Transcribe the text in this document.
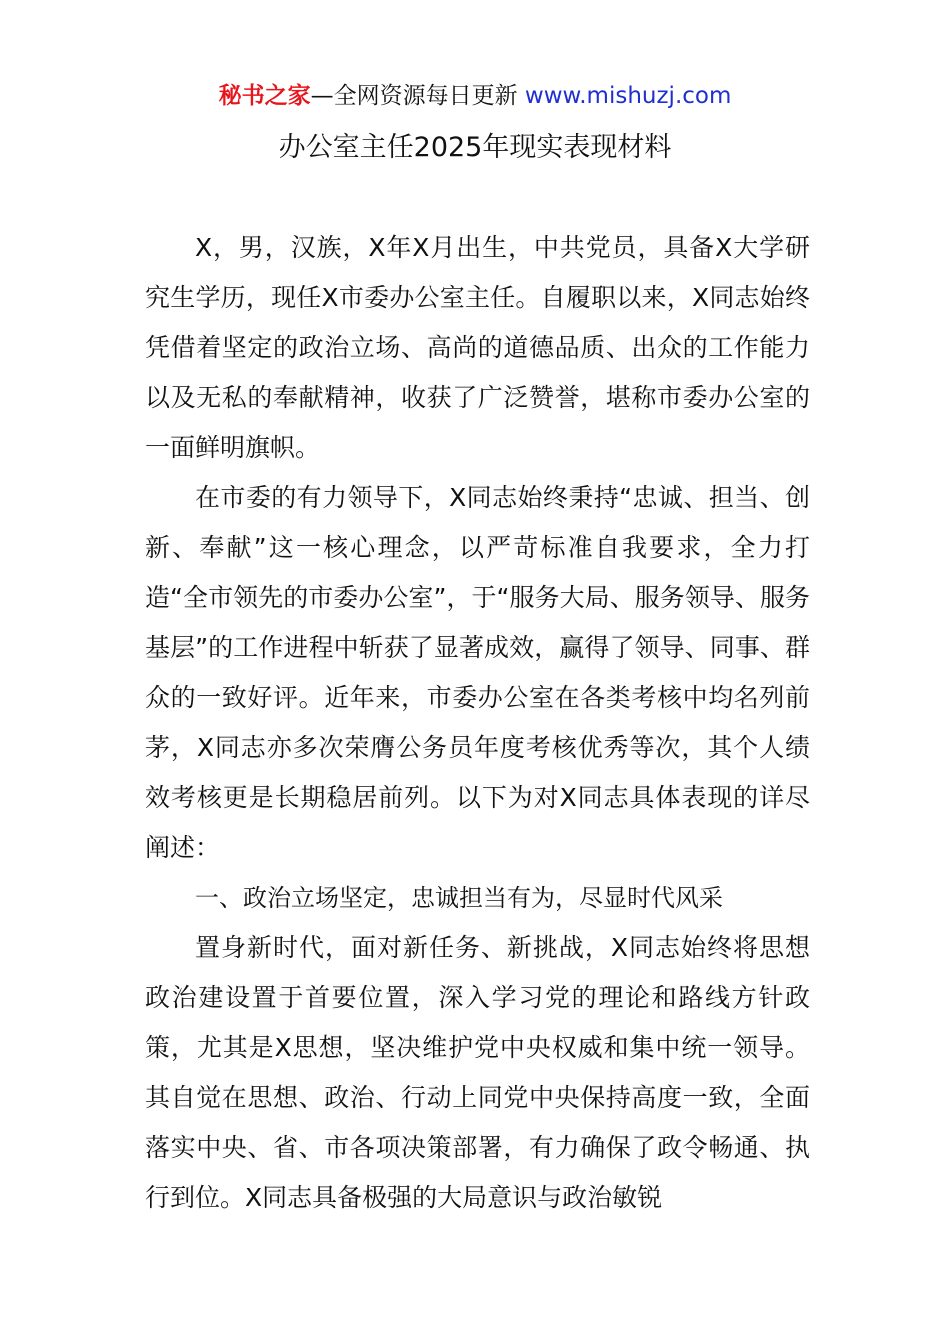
秘书之家—全网资源每日更新 www.mishuzj.com
办公室主任2025年现实表现材料

X，男，汉族，X年X月出生，中共党员，具备X大学研究生学历，现任X市委办公室主任。自履职以来，X同志始终凭借着坚定的政治立场、高尚的道德品质、出众的工作能力以及无私的奉献精神，收获了广泛赞誉，堪称市委办公室的一面鲜明旗帜。

在市委的有力领导下，X同志始终秉持“忠诚、担当、创新、奉献”这一核心理念，以严苛标准自我要求，全力打造“全市领先的市委办公室”，于“服务大局、服务领导、服务基层”的工作进程中斩获了显著成效，赢得了领导、同事、群众的一致好评。近年来，市委办公室在各类考核中均名列前茅，X同志亦多次荣膺公务员年度考核优秀等次，其个人绩效考核更是长期稳居前列。以下为对X同志具体表现的详尽阐述：

一、政治立场坚定，忠诚担当有为，尽显时代风采

置身新时代，面对新任务、新挑战，X同志始终将思想政治建设置于首要位置，深入学习党的理论和路线方针政策，尤其是X思想，坚决维护党中央权威和集中统一领导。其自觉在思想、政治、行动上同党中央保持高度一致，全面落实中央、省、市各项决策部署，有力确保了政令畅通、执行到位。X同志具备极强的大局意识与政治敏锐
